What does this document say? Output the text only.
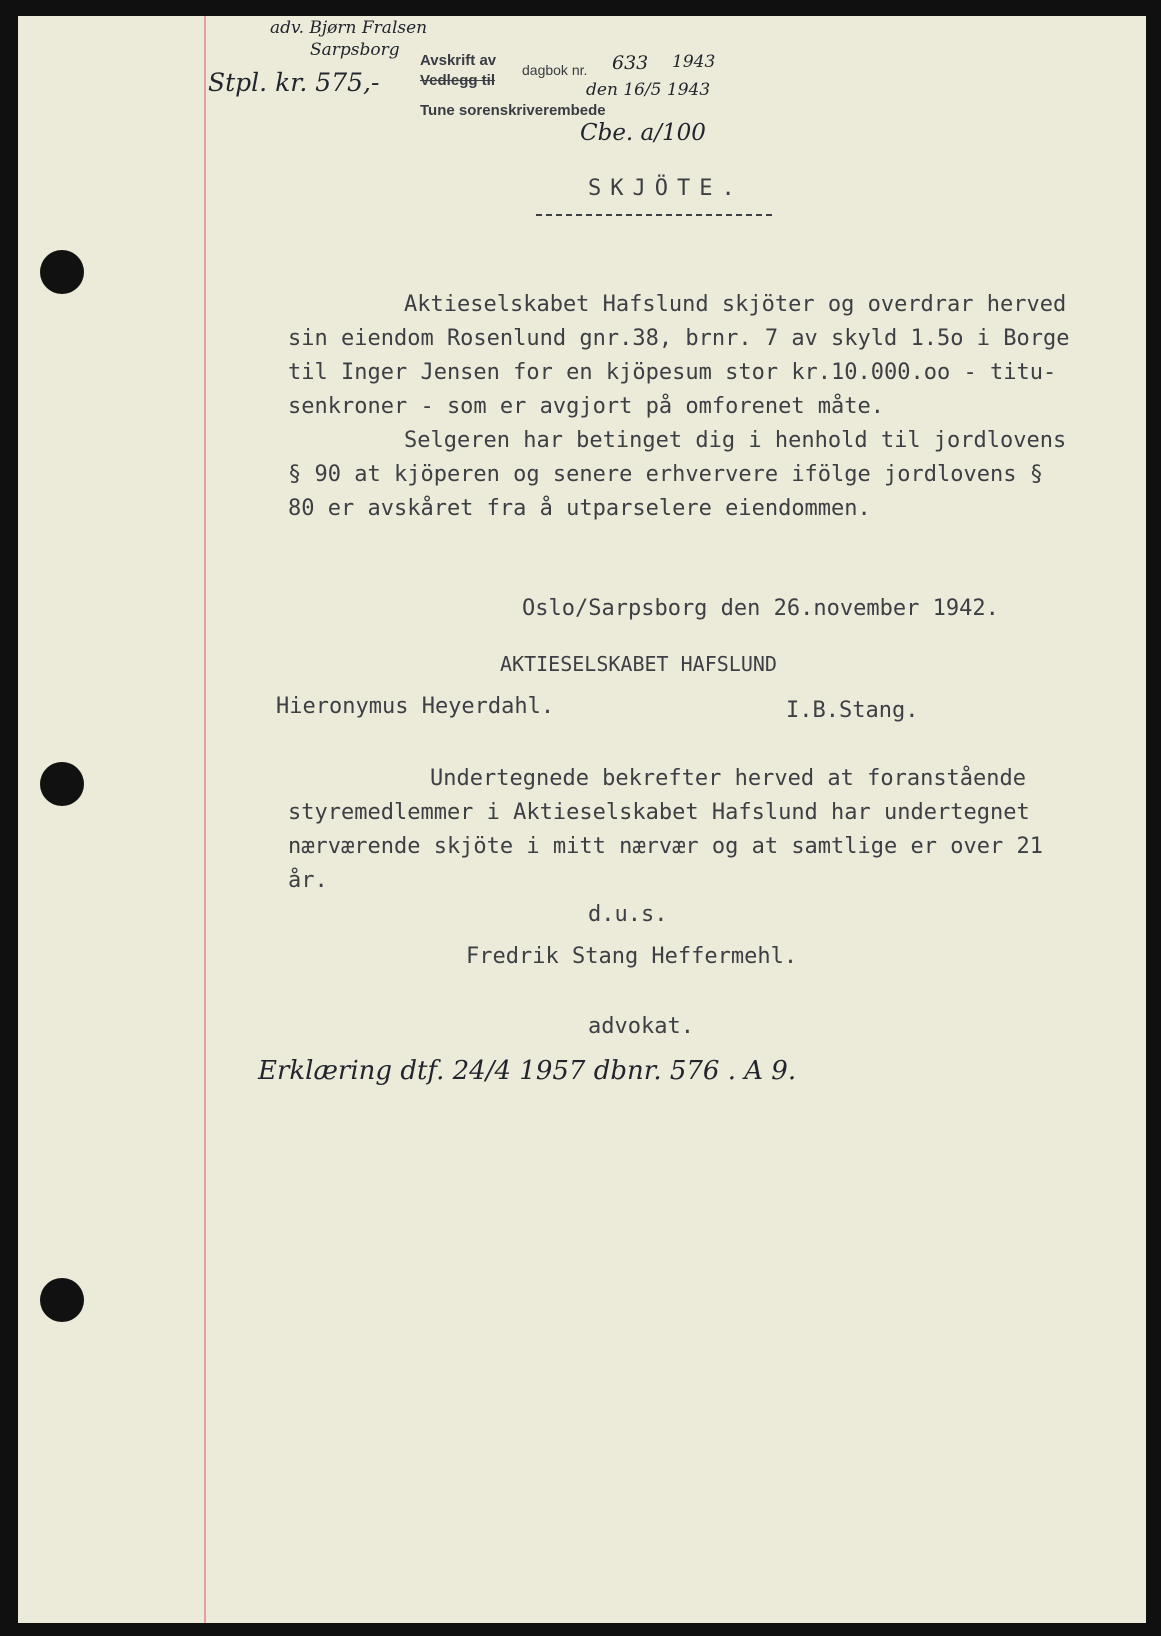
adv. Bjørn Fralsen
Sarpsborg
Stpl. kr. 575,-
Avskrift av
Vedlegg til
dagbok nr. 633 1943
den 16/5 1943
Tune sorenskriverembede
Cbe. a/100
SKJÖTE.
Aktieselskabet Hafslund skjöter og overdrar herved
sin eiendom Rosenlund gnr.38, brnr. 7 av skyld 1.5o i Borge
til Inger Jensen for en kjöpesum stor kr.10.000.oo - titu-
senkroner - som er avgjort på omforenet måte.
Selgeren har betinget dig i henhold til jordlovens
§ 90 at kjöperen og senere erhververe ifölge jordlovens §
80 er avskåret fra å utparselere eiendommen.
Oslo/Sarpsborg den 26.november 1942.
AKTIESELSKABET HAFSLUND
Hieronymus Heyerdahl.	I.B.Stang.
Undertegnede bekrefter herved at foranstående
styremedlemmer i Aktieselskabet Hafslund har undertegnet
nærværende skjöte i mitt nærvær og at samtlige er over 21
år.
d.u.s.
Fredrik Stang Heffermehl.
advokat.
Erklæring dtf. 24/4 1957 dbnr. 576 . A 9.
